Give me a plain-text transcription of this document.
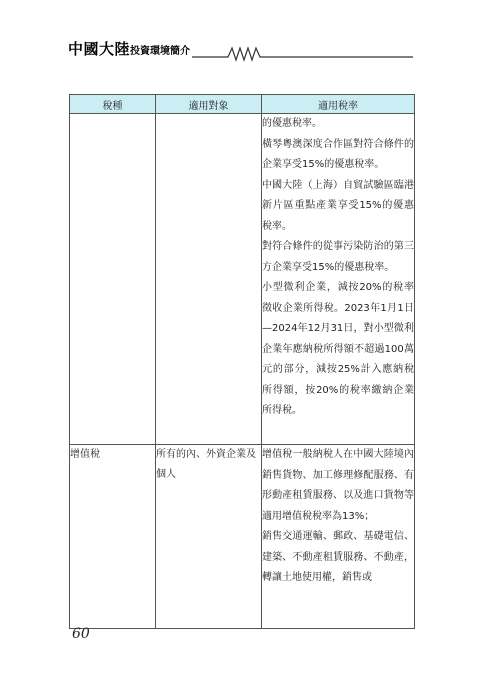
中國大陸投資環境簡介
稅種	適用對象	適用稅率

		的優惠稅率。
橫琴粵澳深度合作區對符合條件的企業享受15%的優惠稅率。
中國大陸（上海）自貿試驗區臨港新片區重點產業享受15%的優惠稅率。
對符合條件的從事污染防治的第三方企業享受15%的優惠稅率。
小型微利企業，減按20%的稅率徵收企業所得稅。2023年1月1日—2024年12月31日，對小型微利企業年應納稅所得額不超過100萬元的部分，減按25%計入應納稅所得額，按20%的稅率繳納企業所得稅。

增值稅	所有的內、外資企業及個人	增值稅一般納稅人在中國大陸境內銷售貨物、加工修理修配服務、有形動產租賃服務、以及進口貨物等適用增值稅稅率為13%；
銷售交通運輸、郵政、基礎電信、建築、不動產租賃服務、不動產，轉讓土地使用權，銷售或
60
